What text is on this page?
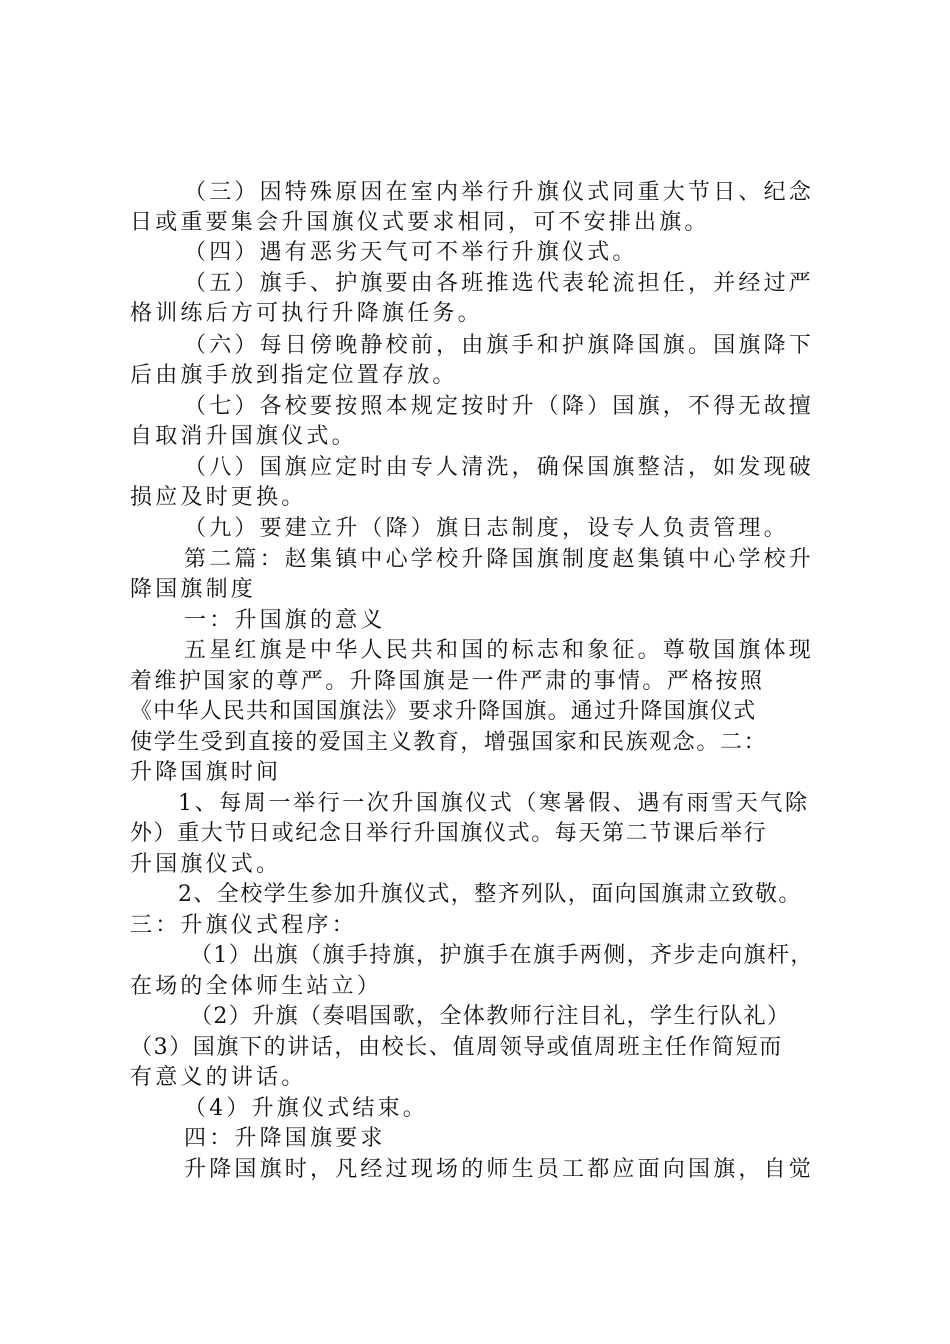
（三）因特殊原因在室内举行升旗仪式同重大节日、纪念
日或重要集会升国旗仪式要求相同，可不安排出旗。
（四）遇有恶劣天气可不举行升旗仪式。
（五）旗手、护旗要由各班推选代表轮流担任，并经过严
格训练后方可执行升降旗任务。
（六）每日傍晚静校前，由旗手和护旗降国旗。国旗降下
后由旗手放到指定位置存放。
（七）各校要按照本规定按时升（降）国旗，不得无故擅
自取消升国旗仪式。
（八）国旗应定时由专人清洗，确保国旗整洁，如发现破
损应及时更换。
（九）要建立升（降）旗日志制度，设专人负责管理。
第二篇：赵集镇中心学校升降国旗制度赵集镇中心学校升
降国旗制度
一：升国旗的意义
五星红旗是中华人民共和国的标志和象征。尊敬国旗体现
着维护国家的尊严。升降国旗是一件严肃的事情。严格按照
《中华人民共和国国旗法》要求升降国旗。通过升降国旗仪式
使学生受到直接的爱国主义教育，增强国家和民族观念。二：
升降国旗时间
1、每周一举行一次升国旗仪式（寒暑假、遇有雨雪天气除
外）重大节日或纪念日举行升国旗仪式。每天第二节课后举行
升国旗仪式。
2、全校学生参加升旗仪式，整齐列队，面向国旗肃立致敬。
三：升旗仪式程序：
（1）出旗（旗手持旗，护旗手在旗手两侧，齐步走向旗杆，
在场的全体师生站立）
（2）升旗（奏唱国歌，全体教师行注目礼，学生行队礼）
（3）国旗下的讲话，由校长、值周领导或值周班主任作简短而
有意义的讲话。
（4）升旗仪式结束。
四：升降国旗要求
升降国旗时，凡经过现场的师生员工都应面向国旗，自觉
